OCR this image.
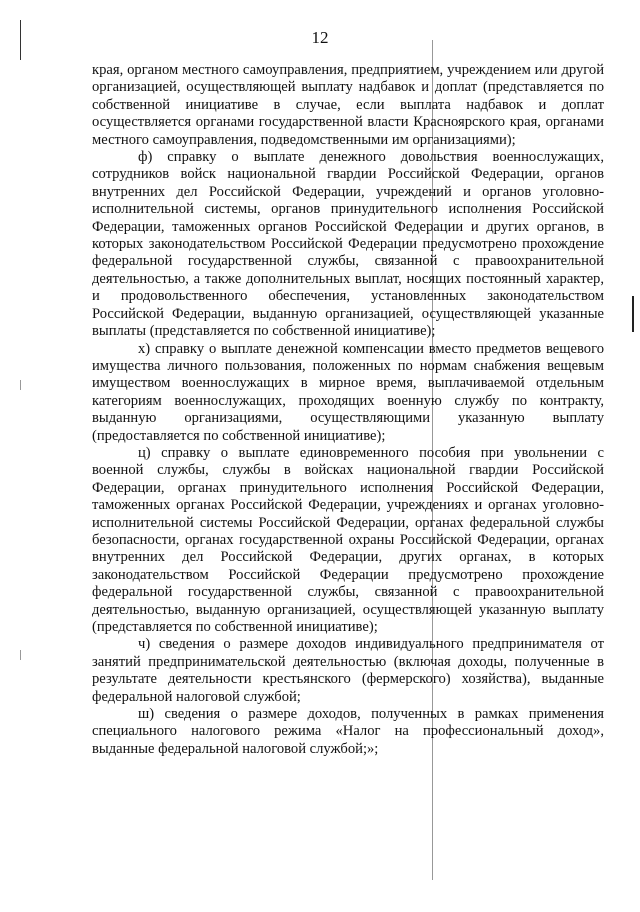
12

края, органом местного самоуправления, предприятием, учреждением или другой организацией, осуществляющей выплату надбавок и доплат (представляется по собственной инициативе в случае, если выплата надбавок и доплат осуществляется органами государственной власти Красноярского края, органами местного самоуправления, подведомственными им организациями);

ф) справку о выплате денежного довольствия военнослужащих, сотрудников войск национальной гвардии Российской Федерации, органов внутренних дел Российской Федерации, учреждений и органов уголовно-исполнительной системы, органов принудительного исполнения Российской Федерации, таможенных органов Российской Федерации и других органов, в которых законодательством Российской Федерации предусмотрено прохождение федеральной государственной службы, связанной с правоохранительной деятельностью, а также дополнительных выплат, носящих постоянный характер, и продовольственного обеспечения, установленных законодательством Российской Федерации, выданную организацией, осуществляющей указанные выплаты (представляется по собственной инициативе);

х) справку о выплате денежной компенсации вместо предметов вещевого имущества личного пользования, положенных по нормам снабжения вещевым имуществом военнослужащих в мирное время, выплачиваемой отдельным категориям военнослужащих, проходящих военную службу по контракту, выданную организациями, осуществляющими указанную выплату (предоставляется по собственной инициативе);

ц) справку о выплате единовременного пособия при увольнении с военной службы, службы в войсках национальной гвардии Российской Федерации, органах принудительного исполнения Российской Федерации, таможенных органах Российской Федерации, учреждениях и органах уголовно-исполнительной системы Российской Федерации, органах федеральной службы безопасности, органах государственной охраны Российской Федерации, органах внутренних дел Российской Федерации, других органах, в которых законодательством Российской Федерации предусмотрено прохождение федеральной государственной службы, связанной с правоохранительной деятельностью, выданную организацией, осуществляющей указанную выплату (представляется по собственной инициативе);

ч) сведения о размере доходов индивидуального предпринимателя от занятий предпринимательской деятельностью (включая доходы, полученные в результате деятельности крестьянского (фермерского) хозяйства), выданные федеральной налоговой службой;

ш) сведения о размере доходов, полученных в рамках применения специального налогового режима «Налог на профессиональный доход», выданные федеральной налоговой службой;»;
